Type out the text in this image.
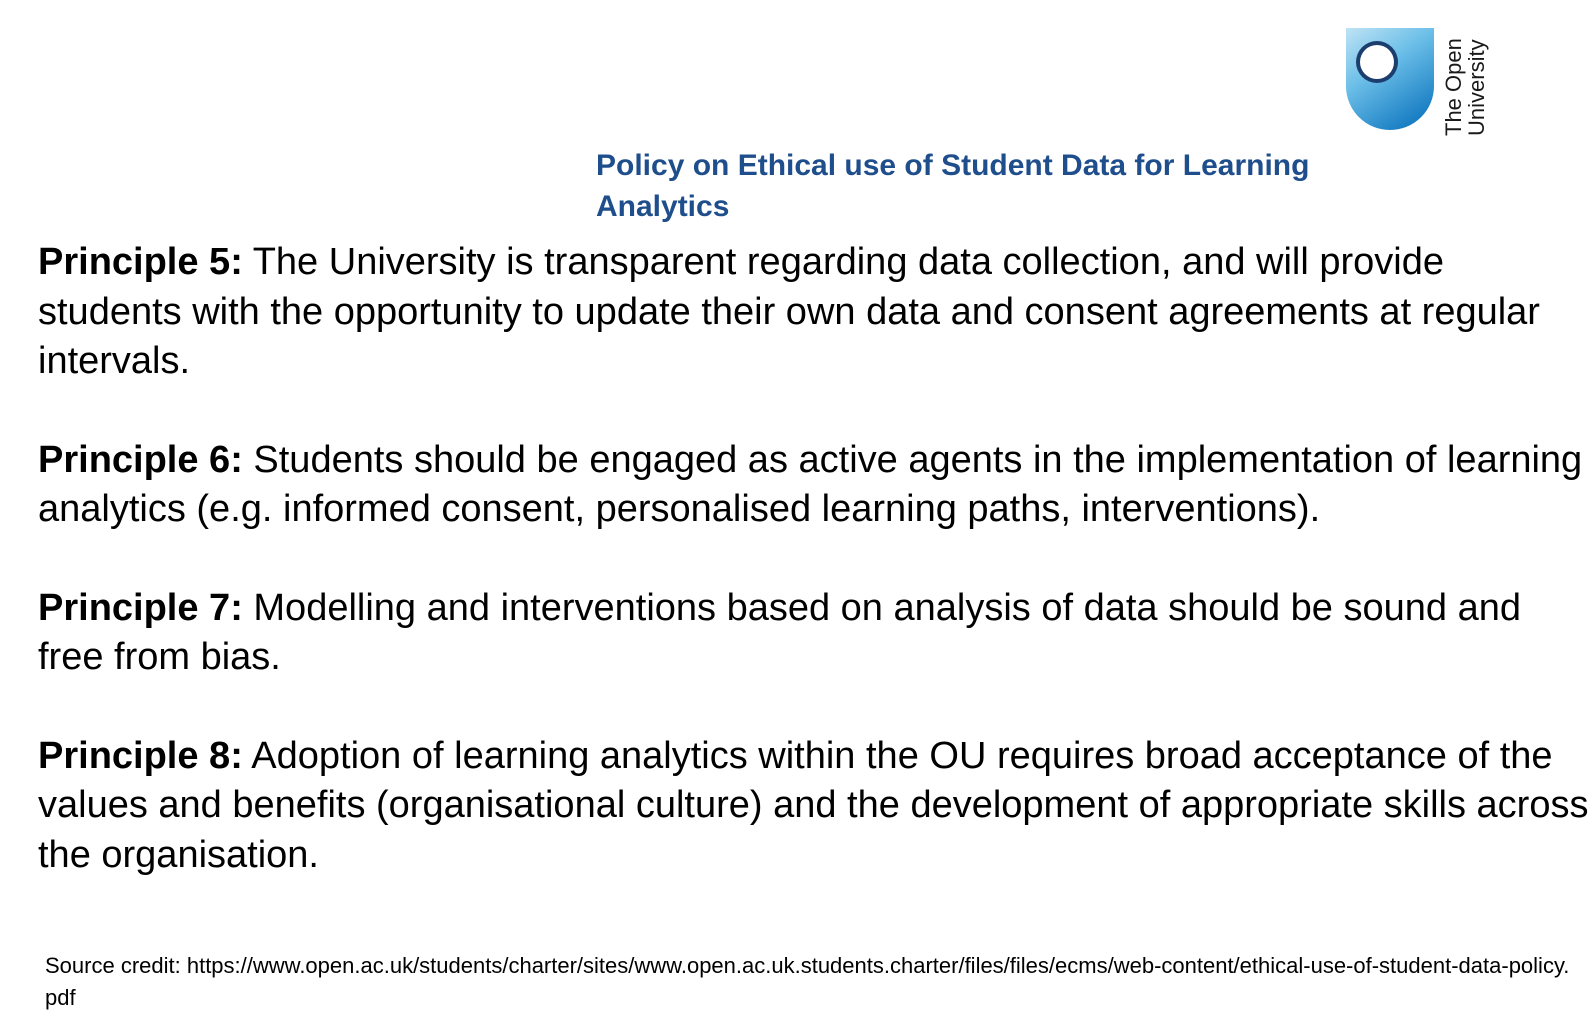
The Open
University
Policy on Ethical use of Student Data for Learning
Analytics

Principle 5: The University is transparent regarding data collection, and will provide students with the opportunity to update their own data and consent agreements at regular intervals.

Principle 6: Students should be engaged as active agents in the implementation of learning analytics (e.g. informed consent, personalised learning paths, interventions).

Principle 7: Modelling and interventions based on analysis of data should be sound and free from bias.

Principle 8: Adoption of learning analytics within the OU requires broad acceptance of the values and benefits (organisational culture) and the development of appropriate skills across the organisation.

Source credit: https://www.open.ac.uk/students/charter/sites/www.open.ac.uk.students.charter/files/files/ecms/web-content/ethical-use-of-student-data-policy.pdf
